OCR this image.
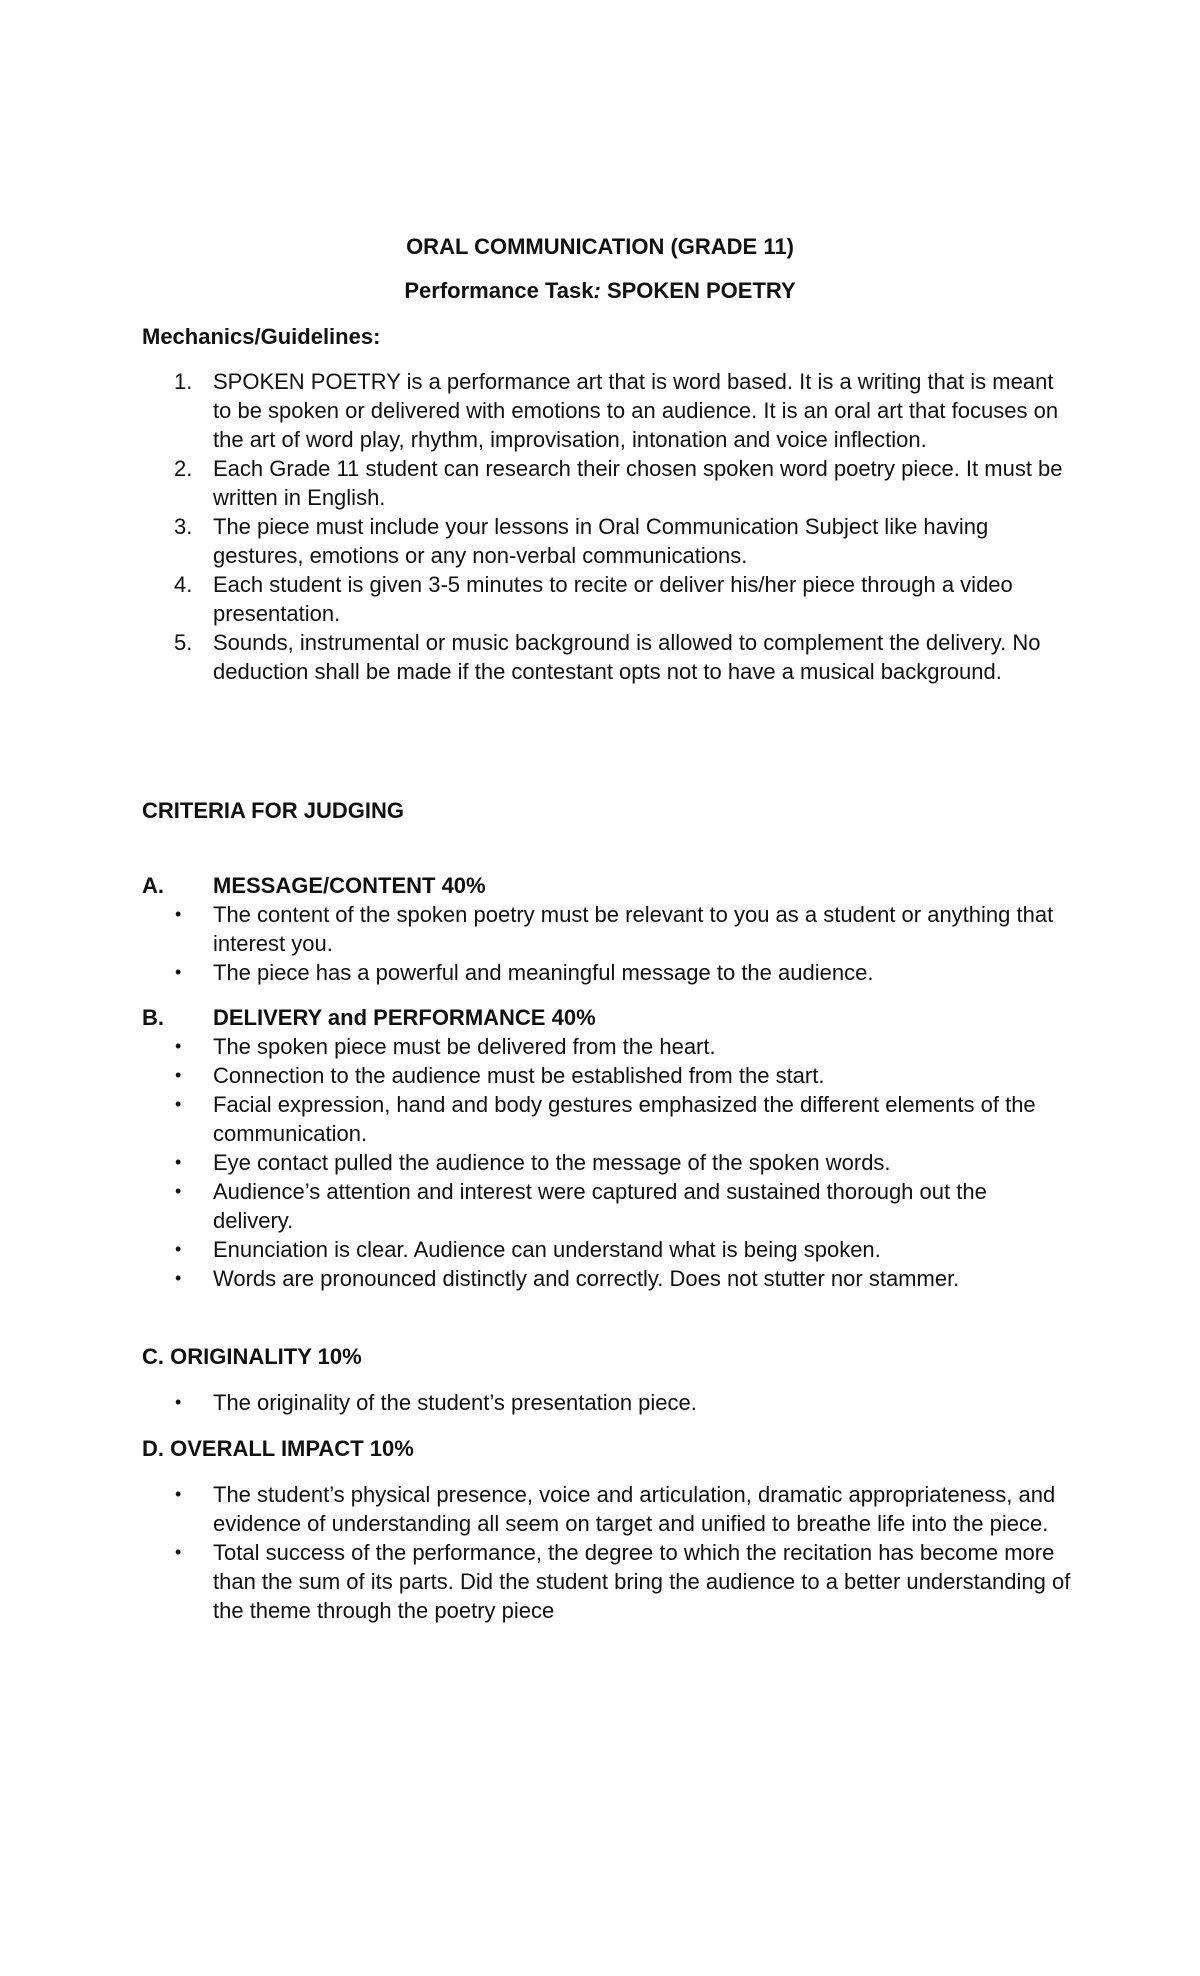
ORAL COMMUNICATION (GRADE 11)
Performance Task: SPOKEN POETRY
Mechanics/Guidelines:
1. SPOKEN POETRY is a performance art that is word based. It is a writing that is meant to be spoken or delivered with emotions to an audience. It is an oral art that focuses on the art of word play, rhythm, improvisation, intonation and voice inflection.
2. Each Grade 11 student can research their chosen spoken word poetry piece. It must be written in English.
3. The piece must include your lessons in Oral Communication Subject like having gestures, emotions or any non-verbal communications.
4. Each student is given 3-5 minutes to recite or deliver his/her piece through a video presentation.
5. Sounds, instrumental or music background is allowed to complement the delivery. No deduction shall be made if the contestant opts not to have a musical background.
CRITERIA FOR JUDGING
A. MESSAGE/CONTENT 40%
• The content of the spoken poetry must be relevant to you as a student or anything that interest you.
• The piece has a powerful and meaningful message to the audience.
B. DELIVERY and PERFORMANCE 40%
• The spoken piece must be delivered from the heart.
• Connection to the audience must be established from the start.
• Facial expression, hand and body gestures emphasized the different elements of the communication.
• Eye contact pulled the audience to the message of the spoken words.
• Audience’s attention and interest were captured and sustained thorough out the delivery.
• Enunciation is clear. Audience can understand what is being spoken.
• Words are pronounced distinctly and correctly. Does not stutter nor stammer.
C. ORIGINALITY 10%
• The originality of the student’s presentation piece.
D. OVERALL IMPACT 10%
• The student’s physical presence, voice and articulation, dramatic appropriateness, and evidence of understanding all seem on target and unified to breathe life into the piece.
• Total success of the performance, the degree to which the recitation has become more than the sum of its parts. Did the student bring the audience to a better understanding of the theme through the poetry piece
